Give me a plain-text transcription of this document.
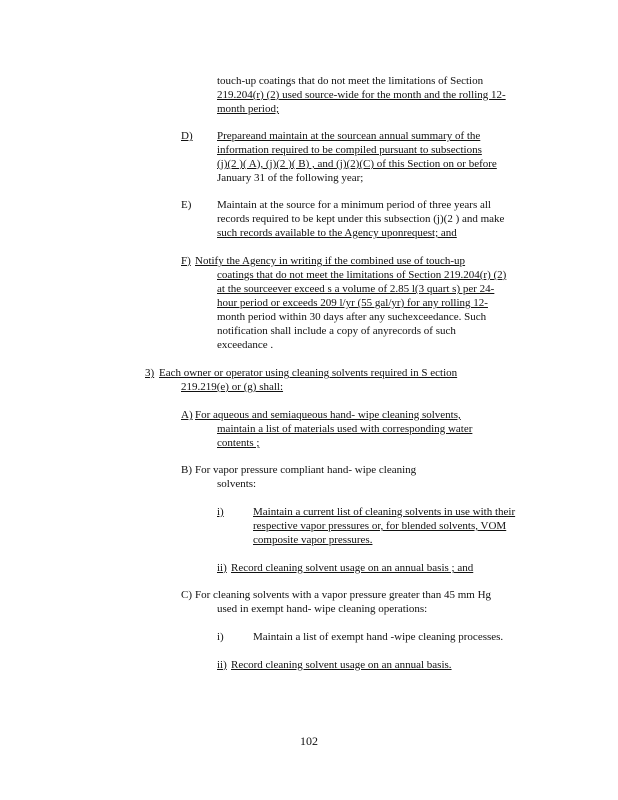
touch-up coatings that do not meet the limitations of Section
219.204(r) (2) used source-wide for the month and the rolling 12-
month period;
D) Prepareand maintain at the sourcean annual summary of the
information required to be compiled pursuant to subsections
(j)(2 )( A), (j)(2 )( B) , and (j)(2)(C) of this Section on or before
January 31 of the following year;
E) Maintain at the source for a minimum period of three years all
records required to be kept under this subsection (j)(2 ) and make
such records available to the Agency uponrequest; and
F) Notify the Agency in writing if the combined use of touch-up
coatings that do not meet the limitations of Section 219.204(r) (2)
at the sourceever exceed s a volume of 2.85 l(3 quart s) per 24-
hour period or exceeds 209 l/yr (55 gal/yr) for any rolling 12-
month period within 30 days after any suchexceedance. Such
notification shall include a copy of anyrecords of such
exceedance .
3) Each owner or operator using cleaning solvents required in S ection
219.219(e) or (g) shall:
A) For aqueous and semiaqueous hand- wipe cleaning solvents,
maintain a list of materials used with corresponding water
contents ;
B) For vapor pressure compliant hand- wipe cleaning
solvents:
i)	Maintain a current list of cleaning solvents in use with their
respective vapor pressures or, for blended solvents, VOM
composite vapor pressures.
ii) Record cleaning solvent usage on an annual basis ; and
C) For cleaning solvents with a vapor pressure greater than 45 mm Hg
used in exempt hand- wipe cleaning operations:
i)	Maintain a list of exempt hand -wipe cleaning processes.
ii) Record cleaning solvent usage on an annual basis.
102
